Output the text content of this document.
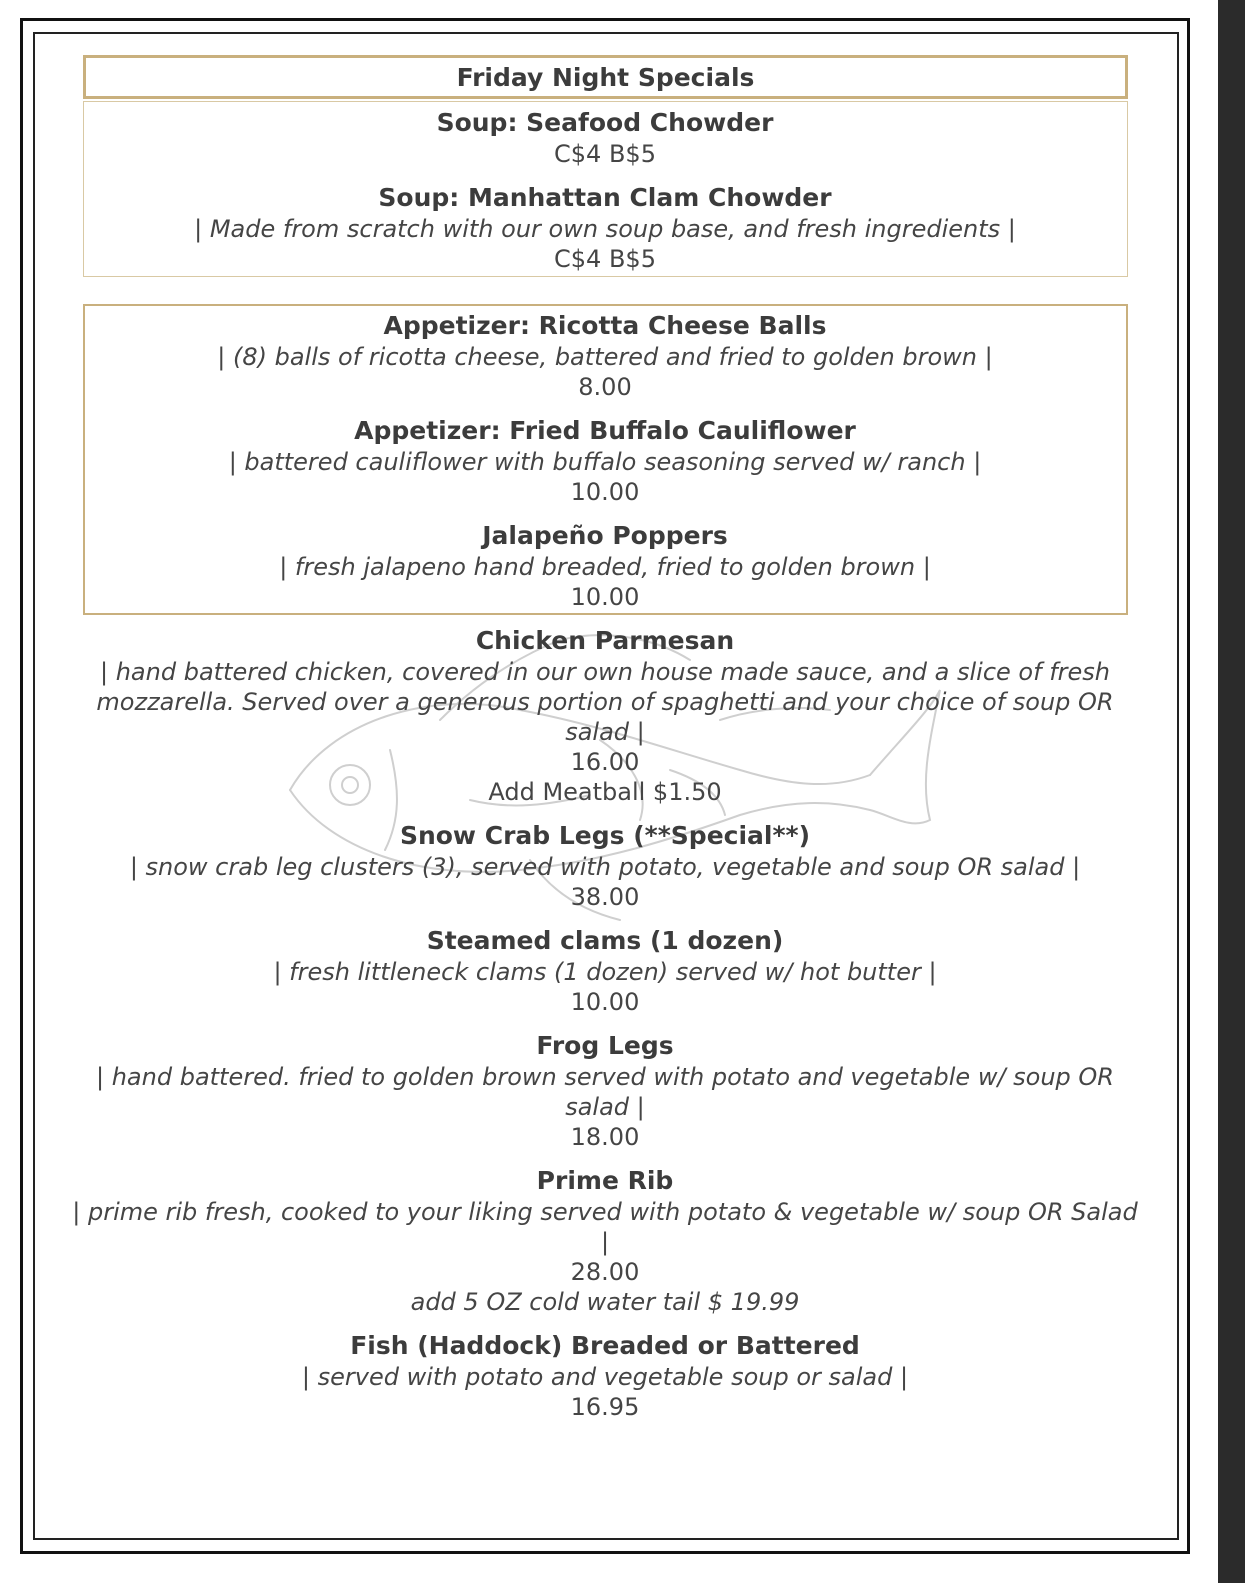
Friday Night Specials
Soup: Seafood Chowder
C$4 B$5
Soup: Manhattan Clam Chowder
| Made from scratch with our own soup base, and fresh ingredients |
C$4 B$5
Appetizer: Ricotta Cheese Balls
| (8) balls of ricotta cheese, battered and fried to golden brown |
8.00
Appetizer: Fried Buffalo Cauliflower
| battered cauliflower with buffalo seasoning served w/ ranch |
10.00
Jalapeño Poppers
| fresh jalapeno hand breaded, fried to golden brown |
10.00
Chicken Parmesan
| hand battered chicken, covered in our own house made sauce, and a slice of fresh
mozzarella. Served over a generous portion of spaghetti and your choice of soup OR
salad |
16.00
Add Meatball $1.50
Snow Crab Legs (**Special**)
| snow crab leg clusters (3), served with potato, vegetable and soup OR salad |
38.00
Steamed clams (1 dozen)
| fresh littleneck clams (1 dozen) served w/ hot butter |
10.00
Frog Legs
| hand battered. fried to golden brown served with potato and vegetable w/ soup OR
salad |
18.00
Prime Rib
| prime rib fresh, cooked to your liking served with potato & vegetable w/ soup OR Salad
|
28.00
add 5 OZ cold water tail $ 19.99
Fish (Haddock) Breaded or Battered
| served with potato and vegetable soup or salad |
16.95
